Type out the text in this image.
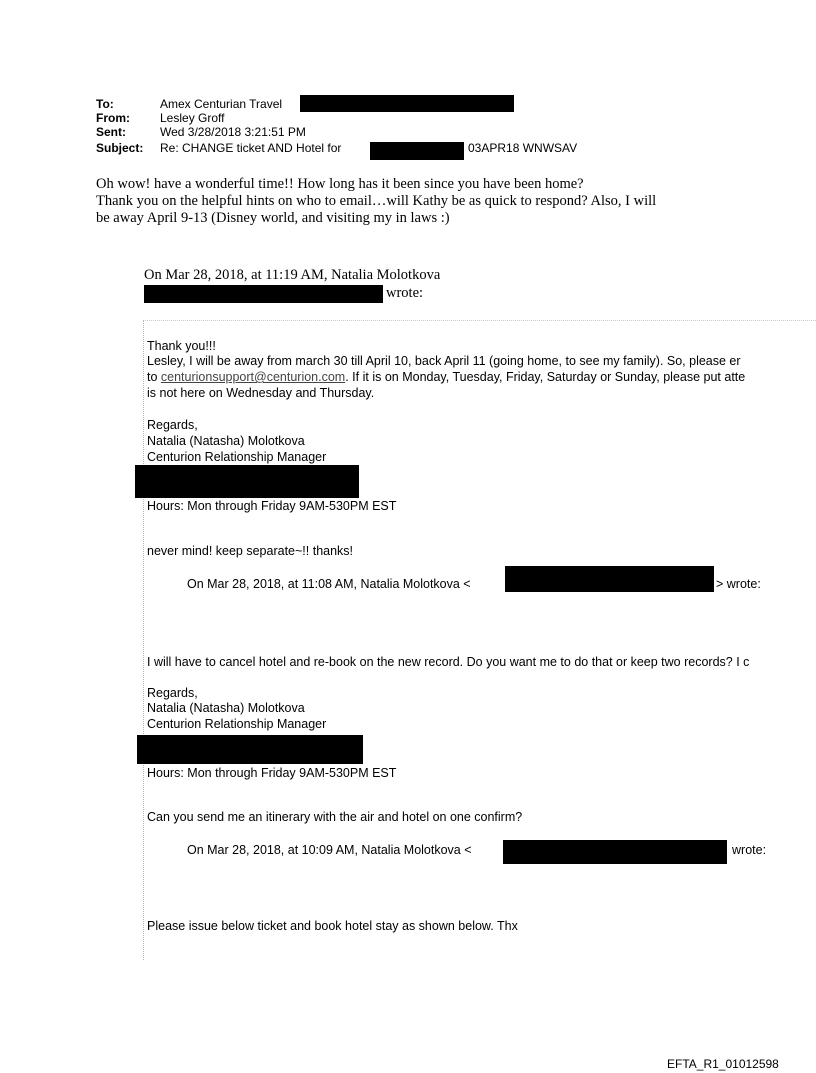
To:	Amex Centurian Travel
From:	Lesley Groff
Sent:	Wed 3/28/2018 3:21:51 PM
Subject: Re: CHANGE ticket AND Hotel for	03APR18 WNWSAV
Oh wow! have a wonderful time!! How long has it been since you have been home?
Thank you on the helpful hints on who to email…will Kathy be as quick to respond? Also, I will
be away April 9-13 (Disney world, and visiting my in laws :)
On Mar 28, 2018, at 11:19 AM, Natalia Molotkova
wrote:
Thank you!!!
Lesley, I will be away from march 30 till April 10, back April 11 (going home, to see my family). So, please er
to centurionsupport@centurion.com. If it is on Monday, Tuesday, Friday, Saturday or Sunday, please put atte
is not here on Wednesday and Thursday.
Regards,
Natalia (Natasha) Molotkova
Centurion Relationship Manager
Hours: Mon through Friday 9AM-530PM EST
never mind! keep separate~!! thanks!
On Mar 28, 2018, at 11:08 AM, Natalia Molotkova <	> wrote:
I will have to cancel hotel and re-book on the new record. Do you want me to do that or keep two records? I c
Regards,
Natalia (Natasha) Molotkova
Centurion Relationship Manager
Hours: Mon through Friday 9AM-530PM EST
Can you send me an itinerary with the air and hotel on one confirm?
On Mar 28, 2018, at 10:09 AM, Natalia Molotkova <	wrote:
Please issue below ticket and book hotel stay as shown below. Thx
EFTA_R1_01012598
